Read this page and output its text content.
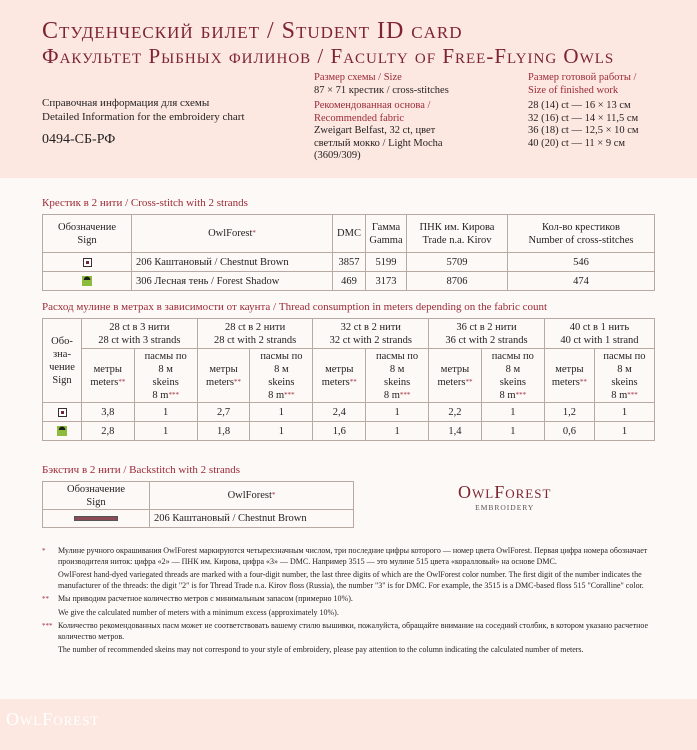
Студенческий билет / Student ID card
Факультет Рыбных филинов / Faculty of Free-Flying Owls
Справочная информация для схемы
Detailed Information for the embroidery chart
0494-СБ-РФ
Размер схемы / Size
87 × 71 крестик / cross-stitches
Рекомендованная основа /
Recommended fabric
Zweigart Belfast, 32 ct, цвет
светлый мокко / Light Mocha
(3609/309)
Размер готовой работы /
Size of finished work
28 (14) ct — 16 × 13 см
32 (16) ct — 14 × 11,5 см
36 (18) ct — 12,5 × 10 см
40 (20) ct — 11 × 9 см
Крестик в 2 нити / Cross-stitch with 2 strands
Обозначение
Sign	OwlForest*	DMC	Гамма
Gamma	ПНК им. Кирова
Trade n.a. Kirov	Кол-во крестиков
Number of cross-stitches
	206 Каштановый / Chestnut Brown	3857	5199	5709	546
⯊	306 Лесная тень / Forest Shadow	469	3173	8706	474
Расход мулине в метрах в зависимости от каунта / Thread consumption in meters depending on the fabric count
Обо-
зна-
чение
Sign	28 ct в 3 нити
28 ct with 3 strands		28 ct в 2 нити
28 ct with 2 strands		32 ct в 2 нити
32 ct with 2 strands		36 ct в 2 нити
36 ct with 2 strands		40 ct в 1 нить
40 ct with 1 strand	
	метры
meters**	пасмы по
8 м
skeins
8 m***	метры
meters**	пасмы по
8 м
skeins
8 m***	метры
meters**	пасмы по
8 м
skeins
8 m***	метры
meters**	пасмы по
8 м
skeins
8 m***	метры
meters**	пасмы по
8 м
skeins
8 m***
	3,8	1	2,7	1	2,4	1	2,2	1	1,2	1
⯊	2,8	1	1,8	1	1,6	1	1,4	1	0,6	1
Бэкстич в 2 нити / Backstitch with 2 strands
Обозначение
Sign	OwlForest*
	206 Каштановый / Chestnut Brown
OwlForest
EMBROIDERY
* Мулине ручного окрашивания OwlForest маркируются четырехзначным числом, три последние цифры которого — номер цвета OwlForest. Первая цифра номера обозначает производителя ниток: цифра «2» — ПНК им. Кирова, цифра «3» — DMC. Например 3515 — это мулине 515 цвета «коралловый» на основе DMC.
OwlForest hand-dyed variegated threads are marked with a four-digit number, the last three digits of which are the OwlForest color number. The first digit of the number indicates the manufacturer of the threads: the digit "2" is for Thread Trade n.a. Kirov floss (Russia), the number "3" is for DMC. For example, the 3515 is a DMC-based floss 515 "Coralline" color.
** Мы приводим расчетное количество метров с минимальным запасом (примерно 10%).
We give the calculated number of meters with a minimum excess (approximately 10%).
*** Количество рекомендованных пасм может не соответствовать вашему стилю вышивки, пожалуйста, обращайте внимание на соседний столбик, в котором указано расчетное количество метров.
The number of recommended skeins may not correspond to your style of embroidery, please pay attention to the column indicating the calculated number of meters.
OwlForest
